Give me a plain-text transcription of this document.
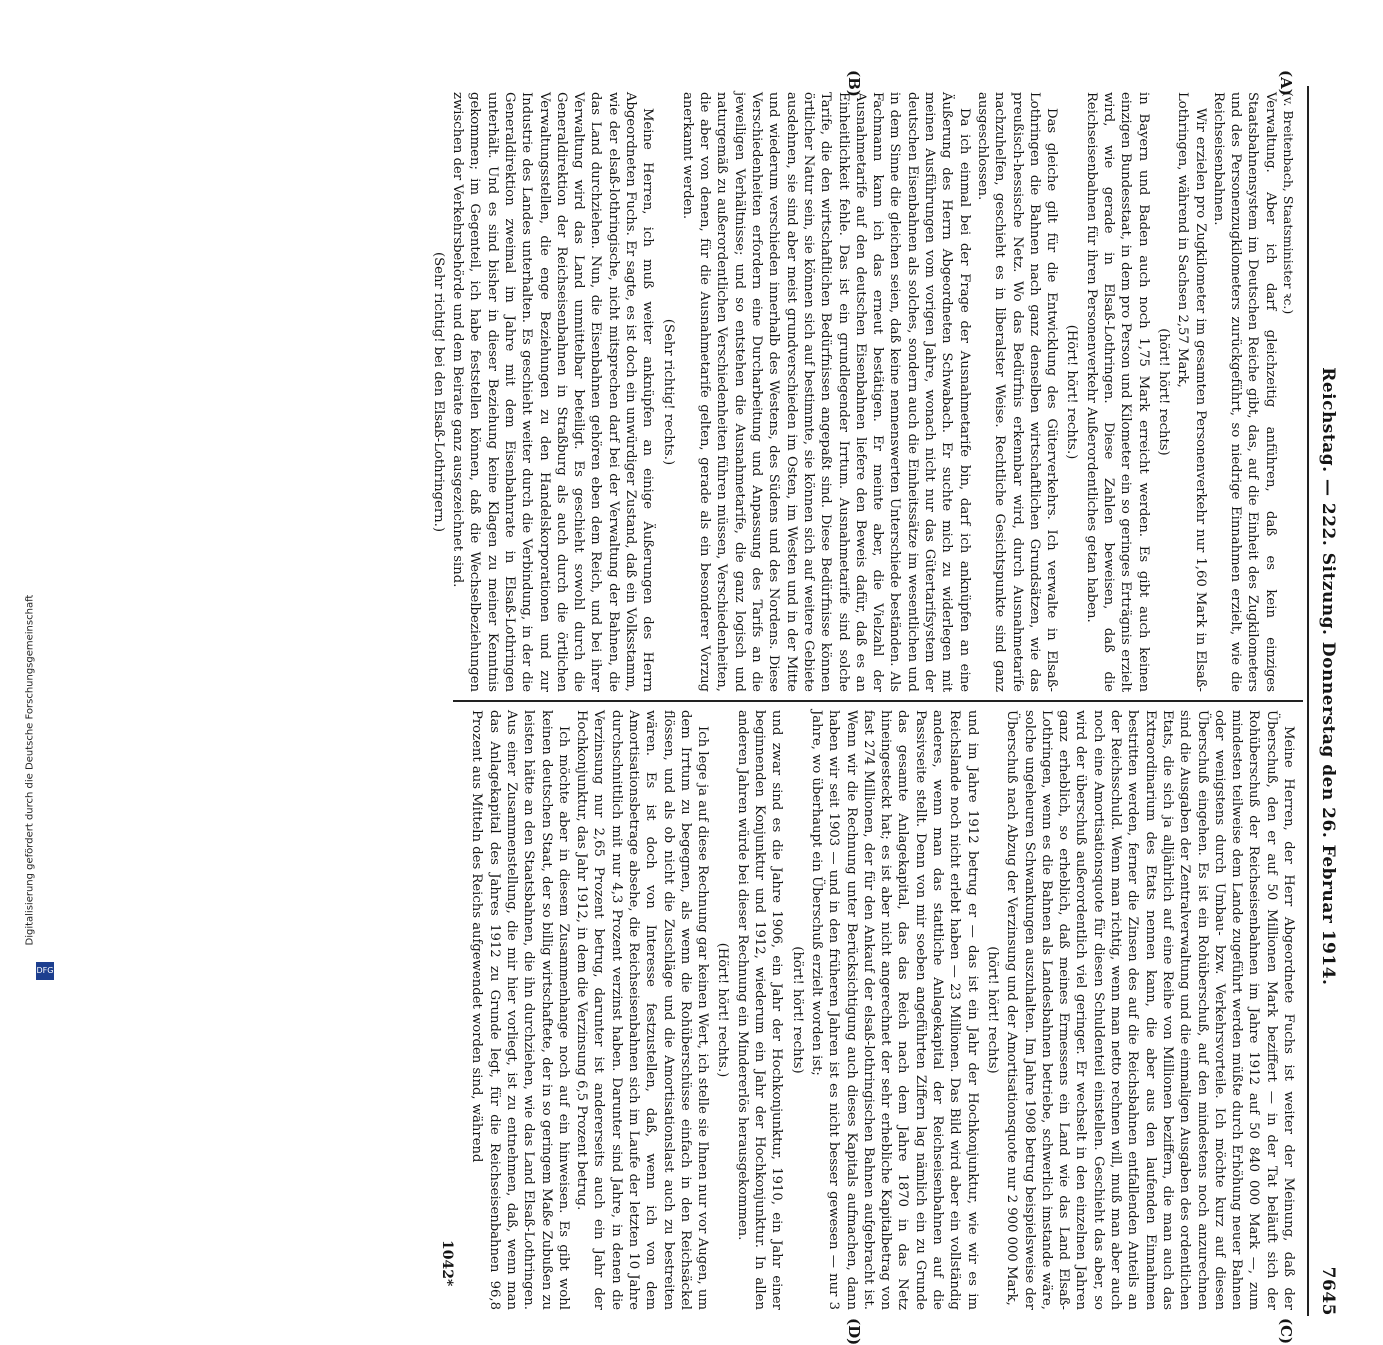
Reichstag. — 222. Sitzung. Donnerstag den 26. Februar 1914.
7645
(A)
(B)
(C)
(D)

(v. Breitenbach, Staatsminister ꝛc.)

Verwaltung. Aber ich darf gleichzeitig anführen, daß es kein einziges Staatsbahnensystem im Deutschen Reiche gibt, das, auf die Einheit des Zugkilometers und des Personenzugkilometers zurückgeführt, so niedrige Einnahmen erzielt, wie die Reichseisenbahnen.

Wir erzielen pro Zugkilometer im gesamten Personenverkehr nur 1,60 Mark in Elsaß-Lothringen, während in Sachsen 2,57 Mark,

(hört! hört! rechts)

in Bayern und Baden auch noch 1,75 Mark erreicht werden. Es gibt auch keinen einzigen Bundesstaat, in dem pro Person und Kilometer ein so geringes Erträgnis erzielt wird, wie gerade in Elsaß-Lothringen. Diese Zahlen beweisen, daß die Reichseisenbahnen für ihren Personenverkehr Außerordentliches getan haben.

(Hört! hört! rechts.)

Das gleiche gilt für die Entwicklung des Güterverkehrs. Ich verwalte in Elsaß-Lothringen die Bahnen nach ganz denselben wirtschaftlichen Grundsätzen, wie das preußisch-hessische Netz. Wo das Bedürfnis erkennbar wird, durch Ausnahmetarife nachzuhelfen, geschieht es in liberalster Weise. Rechtliche Gesichtspunkte sind ganz ausgeschlossen.

Da ich einmal bei der Frage der Ausnahmetarife bin, darf ich anknüpfen an eine Äußerung des Herrn Abgeordneten Schwabach. Er suchte mich zu widerlegen mit meinen Ausführungen vom vorigen Jahre, wonach nicht nur das Gütertarifsystem der deutschen Eisenbahnen als solches, sondern auch die Einheitssätze im wesentlichen und in dem Sinne die gleichen seien, daß keine nennenswerten Unterschiede beständen. Als Fachmann kann ich das erneut bestätigen. Er meinte aber, die Vielzahl der Ausnahmetarife auf den deutschen Eisenbahnen liefere den Beweis dafür, daß es an Einheitlichkeit fehle. Das ist ein grundlegender Irrtum. Ausnahmetarife sind solche Tarife, die den wirtschaftlichen Bedürfnissen angepaßt sind. Diese Bedürfnisse können örtlicher Natur sein, sie können sich auf bestimmte, sie können sich auf weitere Gebiete ausdehnen, sie sind aber meist grundverschieden im Osten, im Westen und in der Mitte und wiederum verschieden innerhalb des Westens, des Südens und des Nordens. Diese Verschiedenheiten erfordern eine Durcharbeitung und Anpassung des Tarifs an die jeweiligen Verhältnisse; und so entstehen die Ausnahmetarife, die ganz logisch und naturgemäß zu außerordentlichen Verschiedenheiten führen müssen, Verschiedenheiten, die aber von denen, für die Ausnahmetarife gelten, gerade als ein besonderer Vorzug anerkannt werden.

(Sehr richtig! rechts.)

Meine Herren, ich muß weiter anknüpfen an einige Äußerungen des Herrn Abgeordneten Fuchs. Er sagte, es ist doch ein unwürdiger Zustand, daß ein Volksstamm, wie der elsaß-lothringische, nicht mitsprechen darf bei der Verwaltung der Bahnen, die das Land durchziehen. Nun, die Eisenbahnen gehören eben dem Reich, und bei ihrer Verwaltung wird das Land unmittelbar beteiligt. Es geschieht sowohl durch die Generaldirektion der Reichseisenbahnen in Straßburg als auch durch die örtlichen Verwaltungsstellen, die enge Beziehungen zu den Handelskorporationen und zur Industrie des Landes unterhalten. Es geschieht weiter durch die Verbindung, in der die Generaldirektion zweimal im Jahre mit dem Eisenbahnrate in Elsaß-Lothringen unterhält. Und es sind bisher in dieser Beziehung keine Klagen zu meiner Kenntnis gekommen; im Gegenteil, ich habe feststellen können, daß die Wechselbeziehungen zwischen der Verkehrsbehörde und dem Beirate ganz ausgezeichnet sind.

(Sehr richtig! bei den Elsaß-Lothringern.)

Meine Herren, der Herr Abgeordnete Fuchs ist weiter der Meinung, daß der Überschuß, den er auf 50 Millionen Mark beziffert — in der Tat beläuft sich der Rohüberschuß der Reichseisenbahnen im Jahre 1912 auf 50 840 000 Mark —, zum mindesten teilweise dem Lande zugeführt werden müßte durch Erhöhung neuer Bahnen oder wenigstens durch Umbau- bzw. Verkehrsvorteile. Ich möchte kurz auf diesen Überschuß eingehen. Es ist ein Rohüberschuß, auf den mindestens noch anzurechnen sind die Ausgaben der Zentralverwaltung und die einmaligen Ausgaben des ordentlichen Etats, die sich ja alljährlich auf eine Reihe von Millionen beziffern, die man auch das Extraordinarium des Etats nennen kann, die aber aus den laufenden Einnahmen bestritten werden, ferner die Zinsen des auf die Reichsbahnen entfallenden Anteils an der Reichsschuld. Wenn man richtig, wenn man netto rechnen will, muß man aber auch noch eine Amortisationsquote für diesen Schuldenteil einstellen. Geschieht das aber, so wird der überschuß außerordentlich viel geringer. Er wechselt in den einzelnen Jahren ganz erheblich, so erheblich, daß meines Ermessens ein Land wie das Land Elsaß-Lothringen, wenn es die Bahnen als Landesbahnen betriebe, schwerlich imstande wäre, solche ungeheuren Schwankungen auszuhalten. Im Jahre 1908 betrug beispielsweise der Überschuß nach Abzug der Verzinsung und der Amortisationsquote nur 2 900 000 Mark,

(hört! hört! rechts)

und im Jahre 1912 betrug er — das ist ein Jahr der Hochkonjunktur, wie wir es im Reichslande noch nicht erlebt haben — 23 Millionen. Das Bild wird aber ein vollständig anderes, wenn man das stattliche Anlagekapital der Reichseisenbahnen auf die Passivseite stellt. Denn von mir soeben angeführten Ziffern lag nämlich ein zu Grunde das gesamte Anlagekapital, das das Reich nach dem Jahre 1870 in das Netz hineingesteckt hat; es ist aber nicht angerechnet der sehr erhebliche Kapitalbetrag von fast 274 Millionen, der für den Ankauf der elsaß-lothringischen Bahnen aufgebracht ist. Wenn wir die Rechnung unter Berücksichtigung auch dieses Kapitals aufmachen, dann haben wir seit 1903 — und in den früheren Jahren ist es nicht besser gewesen — nur 3 Jahre, wo überhaupt ein Überschuß erzielt worden ist;

(hört! hört! rechts)

und zwar sind es die Jahre 1906, ein Jahr der Hochkonjunktur, 1910, ein Jahr einer beginnenden Konjunktur und 1912, wiederum ein Jahr der Hochkonjunktur. In allen anderen Jahren würde bei dieser Rechnung ein Mindererlös herausgekommen.

(Hört! hört! rechts.)

Ich lege ja auf diese Rechnung gar keinen Wert, ich stelle sie Ihnen nur vor Augen, um dem Irrtum zu begegnen, als wenn die Rohüberschüsse einfach in den Reichsäckel flössen, und als ob nicht die Zuschläge und die Amortisationslast auch zu bestreiten wären. Es ist doch von Interesse festzustellen, daß, wenn ich von dem Amortisationsbetrage absehe, die Reichseisenbahnen sich im Laufe der letzten 10 Jahre durchschnittlich mit nur 4,3 Prozent verzinst haben. Darunter sind Jahre, in denen die Verzinsung nur 2,65 Prozent betrug, darunter ist andererseits auch ein Jahr der Hochkonjunktur, das Jahr 1912, in dem die Verzinsung 6,5 Prozent betrug.

Ich möchte aber in diesem Zusammenhange noch auf ein hinweisen. Es gibt wohl keinen deutschen Staat, der so billig wirtschaftete, der in so geringem Maße Zubußen zu leisten hätte an den Staatsbahnen, die ihn durchziehen, wie das Land Elsaß-Lothringen. Aus einer Zusammenstellung, die mir hier vorliegt, ist zu entnehmen, daß, wenn man das Anlagekapital des Jahres 1912 zu Grunde legt, für die Reichseisenbahnen 96,8 Prozent aus Mitteln des Reichs aufgewendet worden sind, während

1042*
Digitalisierung gefördert durch die Deutsche Forschungsgemeinschaft
DFG
